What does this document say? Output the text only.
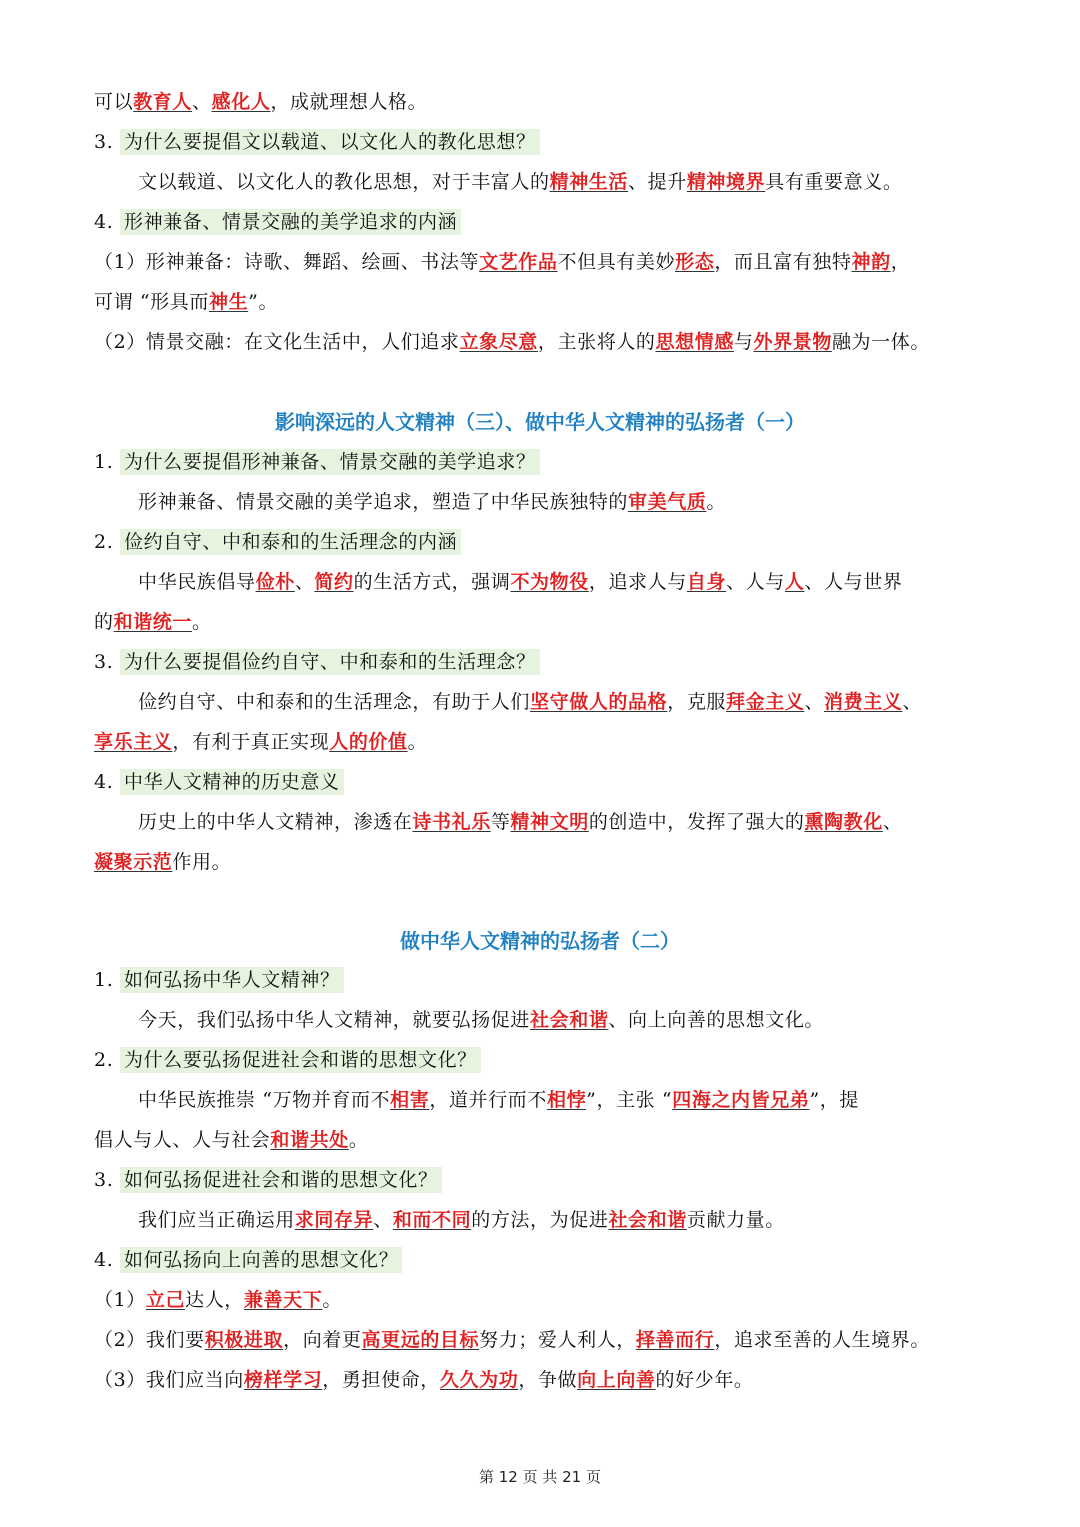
影响深远的人文精神（三）、做中华人文精神的弘扬者（一）
做中华人文精神的弘扬者（二）
第 12 页 共 21 页
可以教育人、感化人，成就理想人格。
3. 为什么要提倡文以载道、以文化人的教化思想？
文以载道、以文化人的教化思想，对于丰富人的精神生活、提升精神境界具有重要意义。
4. 形神兼备、情景交融的美学追求的内涵
（1）形神兼备：诗歌、舞蹈、绘画、书法等文艺作品不但具有美妙形态，而且富有独特神韵，
可谓 “形具而神生”。
（2）情景交融：在文化生活中，人们追求立象尽意，主张将人的思想情感与外界景物融为一体。
1. 为什么要提倡形神兼备、情景交融的美学追求？
形神兼备、情景交融的美学追求，塑造了中华民族独特的审美气质。
2. 俭约自守、中和泰和的生活理念的内涵
中华民族倡导俭朴、简约的生活方式，强调不为物役，追求人与自身、人与人、人与世界
的和谐统一。
3. 为什么要提倡俭约自守、中和泰和的生活理念？
俭约自守、中和泰和的生活理念，有助于人们坚守做人的品格，克服拜金主义、消费主义、
享乐主义，有利于真正实现人的价值。
4. 中华人文精神的历史意义
历史上的中华人文精神，渗透在诗书礼乐等精神文明的创造中，发挥了强大的熏陶教化、
凝聚示范作用。
1. 如何弘扬中华人文精神？
今天，我们弘扬中华人文精神，就要弘扬促进社会和谐、向上向善的思想文化。
2. 为什么要弘扬促进社会和谐的思想文化？
中华民族推崇 “万物并育而不相害，道并行而不相悖”，主张 “四海之内皆兄弟”，提
倡人与人、人与社会和谐共处。
3. 如何弘扬促进社会和谐的思想文化？
我们应当正确运用求同存异、和而不同的方法，为促进社会和谐贡献力量。
4. 如何弘扬向上向善的思想文化？
（1）立己达人，兼善天下。
（2）我们要积极进取，向着更高更远的目标努力；爱人利人，择善而行，追求至善的人生境界。
（3）我们应当向榜样学习，勇担使命，久久为功，争做向上向善的好少年。
